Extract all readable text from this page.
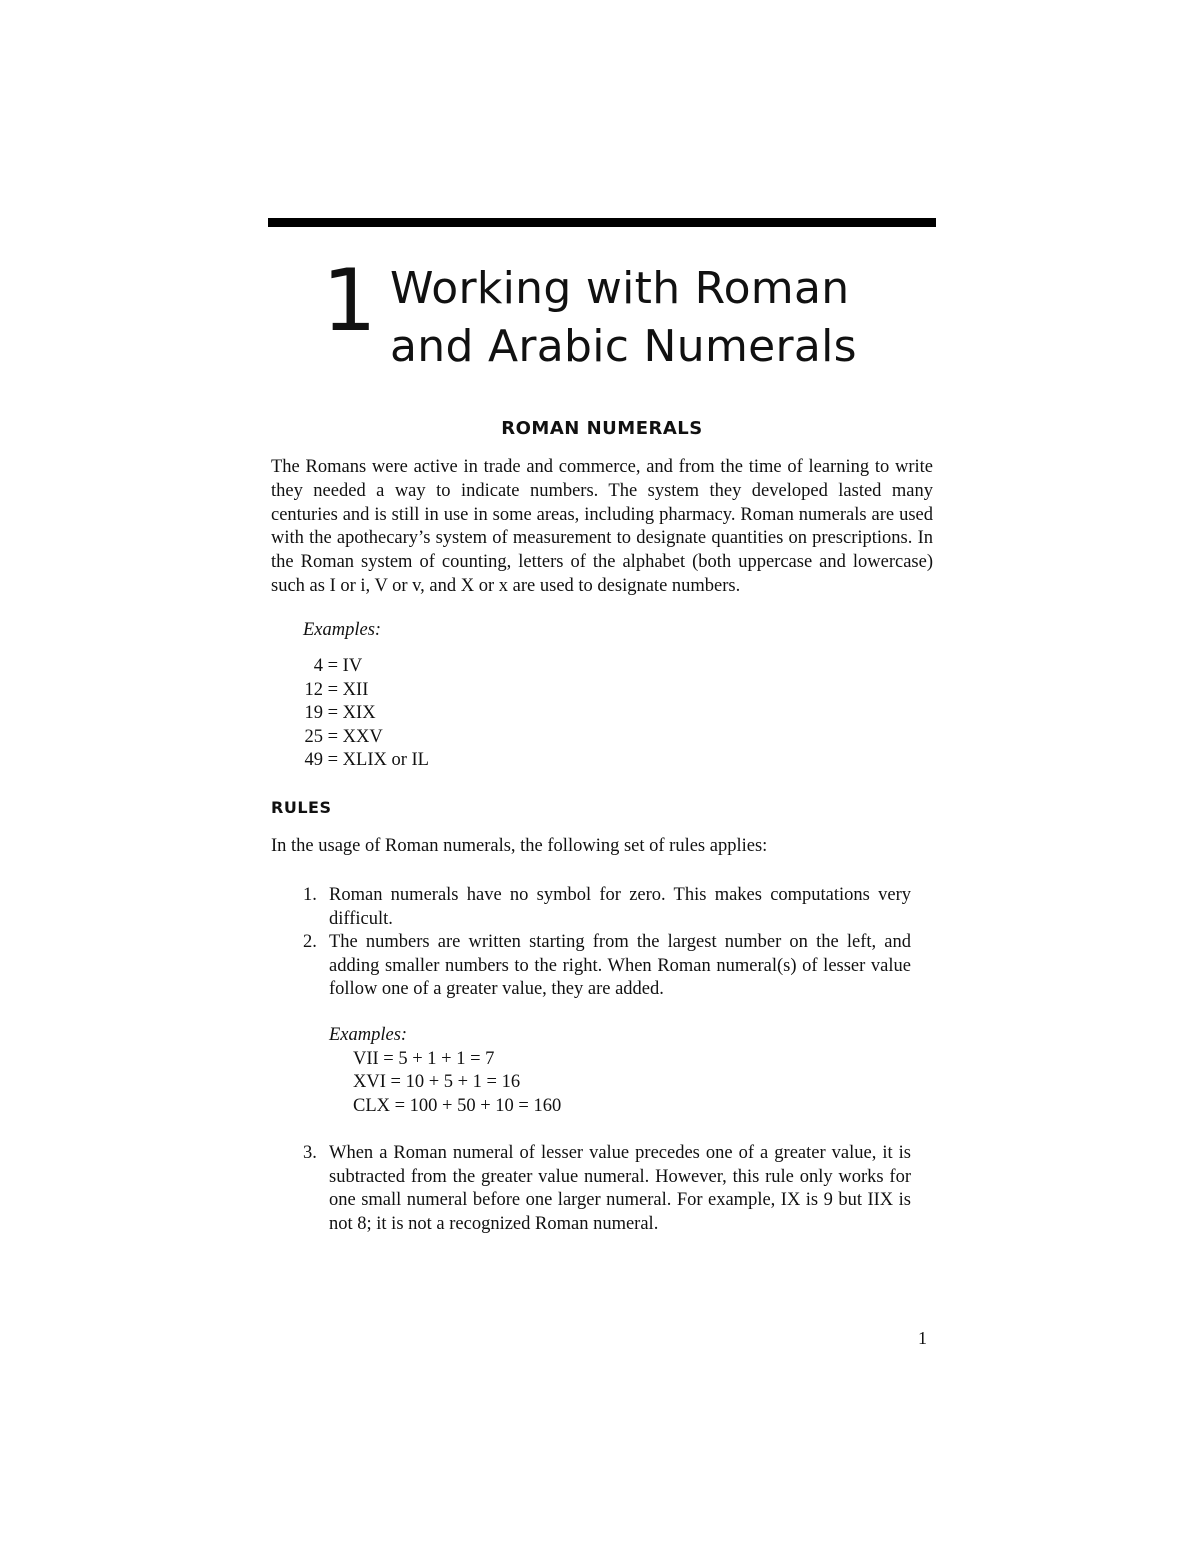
1 Working with Roman
and Arabic Numerals
ROMAN NUMERALS

The Romans were active in trade and commerce, and from the time of learning to write they needed a way to indicate numbers. The system they developed lasted many centuries and is still in use in some areas, including pharmacy. Roman numerals are used with the apothecary’s system of measurement to designate quantities on prescriptions. In the Roman system of counting, letters of the alphabet (both uppercase and lowercase) such as I or i, V or v, and X or x are used to designate numbers.

Examples:
4 = IV
12 = XII
19 = XIX
25 = XXV
49 = XLIX or IL
RULES
In the usage of Roman numerals, the following set of rules applies:
1. Roman numerals have no symbol for zero. This makes computations very difficult.
2. The numbers are written starting from the largest number on the left, and adding smaller numbers to the right. When Roman numeral(s) of lesser value follow one of a greater value, they are added.
Examples:
VII = 5 + 1 + 1 = 7
XVI = 10 + 5 + 1 = 16
CLX = 100 + 50 + 10 = 160
3. When a Roman numeral of lesser value precedes one of a greater value, it is subtracted from the greater value numeral. However, this rule only works for one small numeral before one larger numeral. For example, IX is 9 but IIX is not 8; it is not a recognized Roman numeral.
1
